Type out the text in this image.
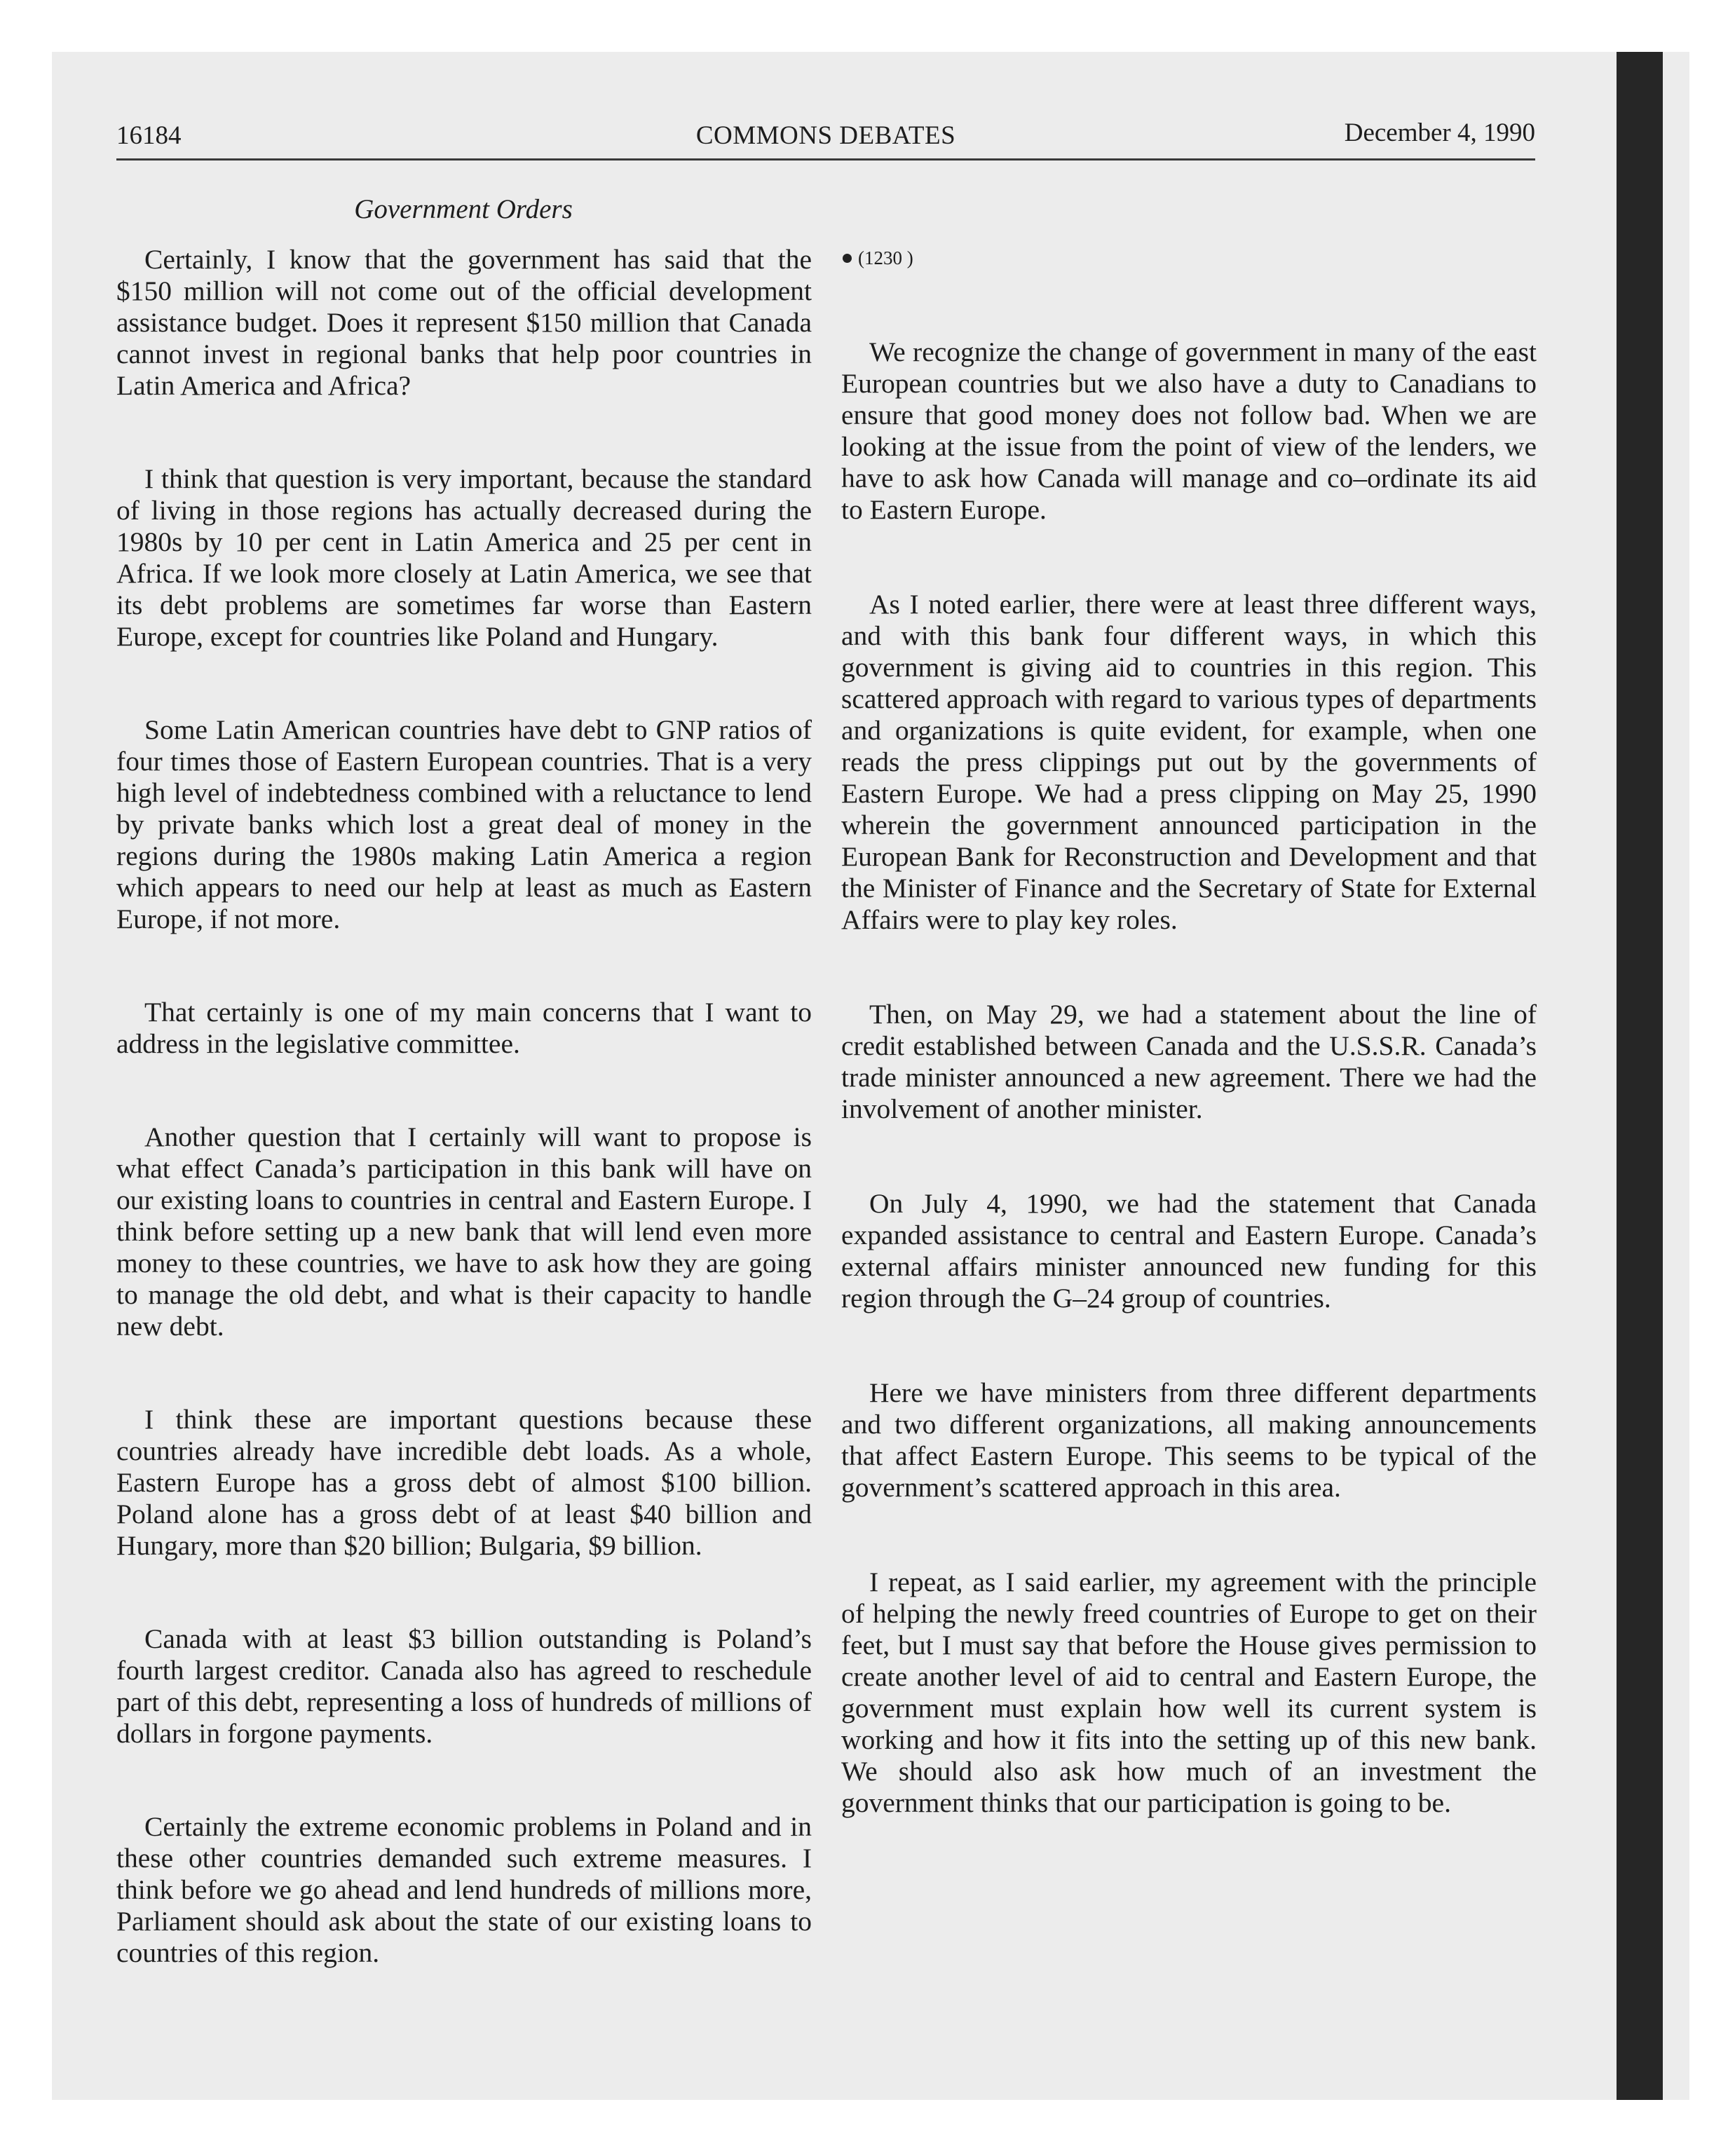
16184	COMMONS DEBATES	December 4, 1990
Government Orders

Certainly, I know that the government has said that the $150 million will not come out of the official development assistance budget. Does it represent $150 million that Canada cannot invest in regional banks that help poor countries in Latin America and Africa?

I think that question is very important, because the standard of living in those regions has actually decreased during the 1980s by 10 per cent in Latin America and 25 per cent in Africa. If we look more closely at Latin America, we see that its debt problems are sometimes far worse than Eastern Europe, except for countries like Poland and Hungary.

Some Latin American countries have debt to GNP ratios of four times those of Eastern European countries. That is a very high level of indebtedness combined with a reluctance to lend by private banks which lost a great deal of money in the regions during the 1980s making Latin America a region which appears to need our help at least as much as Eastern Europe, if not more.

That certainly is one of my main concerns that I want to address in the legislative committee.

Another question that I certainly will want to propose is what effect Canada’s participation in this bank will have on our existing loans to countries in central and Eastern Europe. I think before setting up a new bank that will lend even more money to these countries, we have to ask how they are going to manage the old debt, and what is their capacity to handle new debt.

I think these are important questions because these countries already have incredible debt loads. As a whole, Eastern Europe has a gross debt of almost $100 billion. Poland alone has a gross debt of at least $40 billion and Hungary, more than $20 billion; Bulgaria, $9 billion.

Canada with at least $3 billion outstanding is Poland’s fourth largest creditor. Canada also has agreed to reschedule part of this debt, representing a loss of hundreds of millions of dollars in forgone payments.

Certainly the extreme economic problems in Poland and in these other countries demanded such extreme measures. I think before we go ahead and lend hundreds of millions more, Parliament should ask about the state of our existing loans to countries of this region.

(1230 )

We recognize the change of government in many of the east European countries but we also have a duty to Canadians to ensure that good money does not follow bad. When we are looking at the issue from the point of view of the lenders, we have to ask how Canada will manage and co–ordinate its aid to Eastern Europe.

As I noted earlier, there were at least three different ways, and with this bank four different ways, in which this government is giving aid to countries in this region. This scattered approach with regard to various types of departments and organizations is quite evident, for example, when one reads the press clippings put out by the governments of Eastern Europe. We had a press clipping on May 25, 1990 wherein the government announced participation in the European Bank for Reconstruction and Development and that the Minister of Finance and the Secretary of State for External Affairs were to play key roles.

Then, on May 29, we had a statement about the line of credit established between Canada and the U.S.S.R. Canada’s trade minister announced a new agreement. There we had the involvement of another minister.

On July 4, 1990, we had the statement that Canada expanded assistance to central and Eastern Europe. Canada’s external affairs minister announced new funding for this region through the G–24 group of countries.

Here we have ministers from three different departments and two different organizations, all making announcements that affect Eastern Europe. This seems to be typical of the government’s scattered approach in this area.

I repeat, as I said earlier, my agreement with the principle of helping the newly freed countries of Europe to get on their feet, but I must say that before the House gives permission to create another level of aid to central and Eastern Europe, the government must explain how well its current system is working and how it fits into the setting up of this new bank. We should also ask how much of an investment the government thinks that our participation is going to be.
